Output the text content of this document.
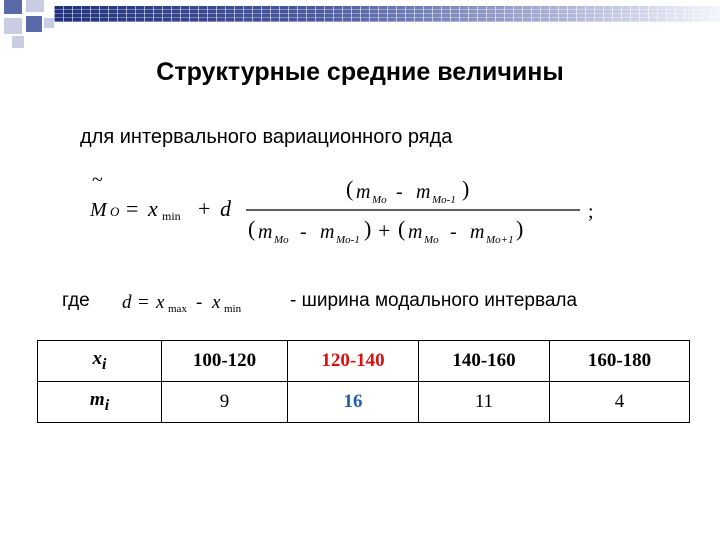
Структурные средние величины
для интервального вариационного ряда
~
M O = x min + d
( m Mo - m Mo-1 )
( m Mo - m Mo-1 ) + ( m Mo - m Mo+1 )
;
где d = x max - x min	- ширина модального интервала
$x_i$	100-120	120-140	140-160	160-180
$m_i$	9	16	11	4
